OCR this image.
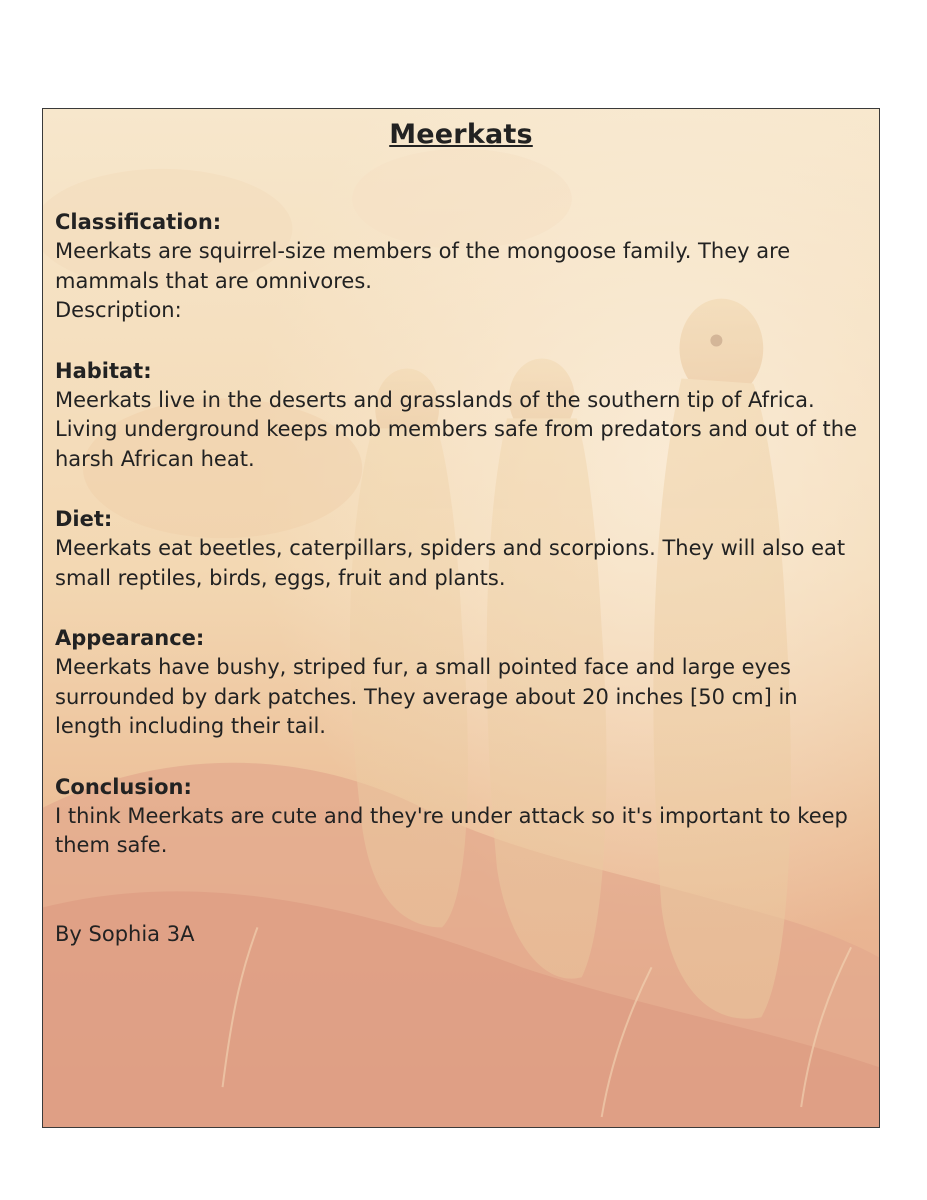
Meerkats
Classification:
Meerkats are squirrel-size members of the mongoose family. They are mammals that are omnivores.
Description:
Habitat:
Meerkats live in the deserts and grasslands of the southern tip of Africa. Living underground keeps mob members safe from predators and out of the harsh African heat.
Diet:
Meerkats eat beetles, caterpillars, spiders and scorpions. They will also eat small reptiles, birds, eggs, fruit and plants.
Appearance:
Meerkats have bushy, striped fur, a small pointed face and large eyes surrounded by dark patches. They average about 20 inches [50 cm] in length including their tail.
Conclusion:
I think Meerkats are cute and they're under attack so it's important to keep them safe.
By Sophia 3A
